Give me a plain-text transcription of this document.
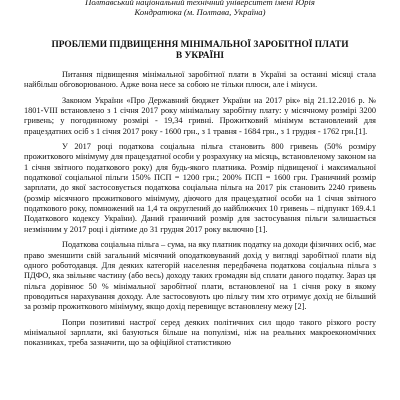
Полтавський національний технічний університет імені Юрія
Кондратюка (м. Полтава, Україна)
ПРОБЛЕМИ ПІДВИЩЕННЯ МІНІМАЛЬНОЇ ЗАРОБІТНОЇ ПЛАТИ
В УКРАЇНІ

Питання підвищення мінімальної заробітної плати в Україні за останні місяці стала найбільш обговорюваною. Адже вона несе за собою не тільки плюси, але і мінуси.

Законом України «Про Державний бюджет України на 2017 рік» від 21.12.2016 р. № 1801-VIII встановлено з 1 січня 2017 року мінімальну заробітну плату: у місячному розмірі 3200 гривень; у погодинному розмірі - 19,34 гривні. Прожитковий мінімум встановлений для працездатних осіб з 1 січня 2017 року - 1600 грн., з 1 травня - 1684 грн., з 1 грудня - 1762 грн.[1].

У 2017 році податкова соціальна пільга становить 800 гривень (50% розміру прожиткового мінімуму для працездатної особи у розрахунку на місяць, встановленому законом на 1 січня звітного податкового року) для будь-якого платника. Розмір підвищеної і максимальної податкової соціальної пільги 150% ПСП = 1200 грн.; 200% ПСП = 1600 грн. Граничний розмір зарплати, до якої застосовується податкова соціальна пільга на 2017 рік становить 2240 гривень (розмір місячного прожиткового мінімуму, діючого для працездатної особи на 1 січня звітного податкового року, помножений на 1,4 та округлений до найближчих 10 гривень – підпункт 169.4.1 Податкового кодексу України). Даний граничний розмір для застосування пільги залишається незмінним у 2017 році і діятиме до 31 грудня 2017 року включно [1].

Податкова соціальна пільга – сума, на яку платник податку на доходи фізичних осіб, має право зменшити свій загальний місячний оподатковуваний дохід у вигляді заробітної плати від одного роботодавця. Для деяких категорій населення передбачена податкова соціальна пільга з ПДФО, яка звільняє частину (або весь) доходу таких громадян від сплати даного податку. Зараз ця пільга дорівнює 50 % мінімальної заробітної плати, встановленої на 1 січня року в якому проводиться нарахування доходу. Але застосовують цю пільгу тим хто отримує дохід не більший за розмір прожиткового мінімуму, якщо дохід перевищує встановлену межу [2].

Попри позитивні настрої серед деяких політичних сил щодо такого різкого росту мінімальної зарплати, які базуються більше на популізмі, ніж на реальних макроекономічних показниках, треба зазначити, що за офіційної статистикою
